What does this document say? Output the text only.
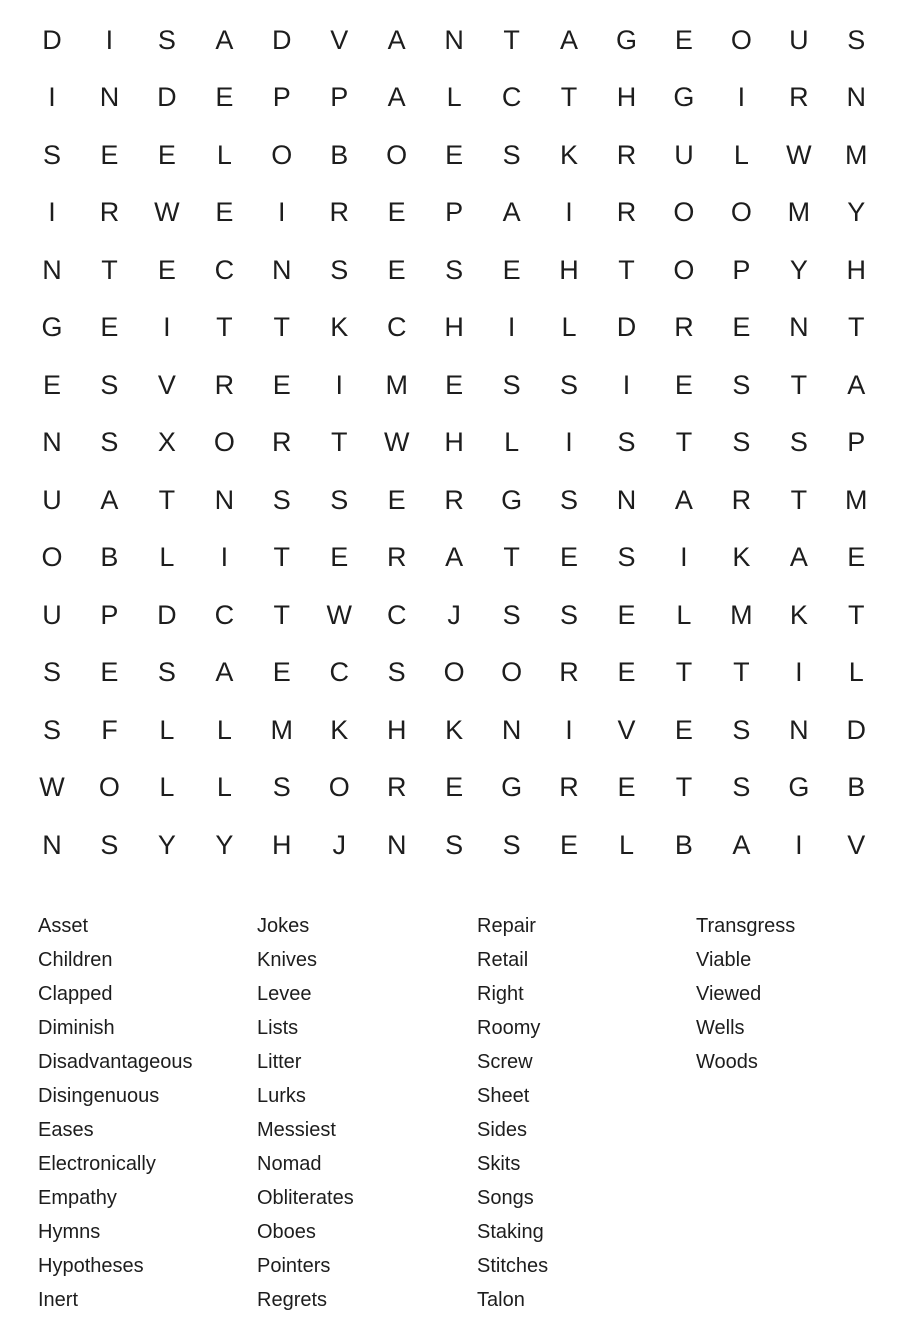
D	I	S	A	D	V	A	N	T	A	G	E	O	U	S
I	N	D	E	P	P	A	L	C	T	H	G	I	R	N
S	E	E	L	O	B	O	E	S	K	R	U	L	W	M
I	R	W	E	I	R	E	P	A	I	R	O	O	M	Y
N	T	E	C	N	S	E	S	E	H	T	O	P	Y	H
G	E	I	T	T	K	C	H	I	L	D	R	E	N	T
E	S	V	R	E	I	M	E	S	S	I	E	S	T	A
N	S	X	O	R	T	W	H	L	I	S	T	S	S	P
U	A	T	N	S	S	E	R	G	S	N	A	R	T	M
O	B	L	I	T	E	R	A	T	E	S	I	K	A	E
U	P	D	C	T	W	C	J	S	S	E	L	M	K	T
S	E	S	A	E	C	S	O	O	R	E	T	T	I	L
S	F	L	L	M	K	H	K	N	I	V	E	S	N	D
W	O	L	L	S	O	R	E	G	R	E	T	S	G	B
N	S	Y	Y	H	J	N	S	S	E	L	B	A	I	V
Asset
Children
Clapped
Diminish
Disadvantageous
Disingenuous
Eases
Electronically
Empathy
Hymns
Hypotheses
Inert
Jokes
Knives
Levee
Lists
Litter
Lurks
Messiest
Nomad
Obliterates
Oboes
Pointers
Regrets
Repair
Retail
Right
Roomy
Screw
Sheet
Sides
Skits
Songs
Staking
Stitches
Talon
Transgress
Viable
Viewed
Wells
Woods
